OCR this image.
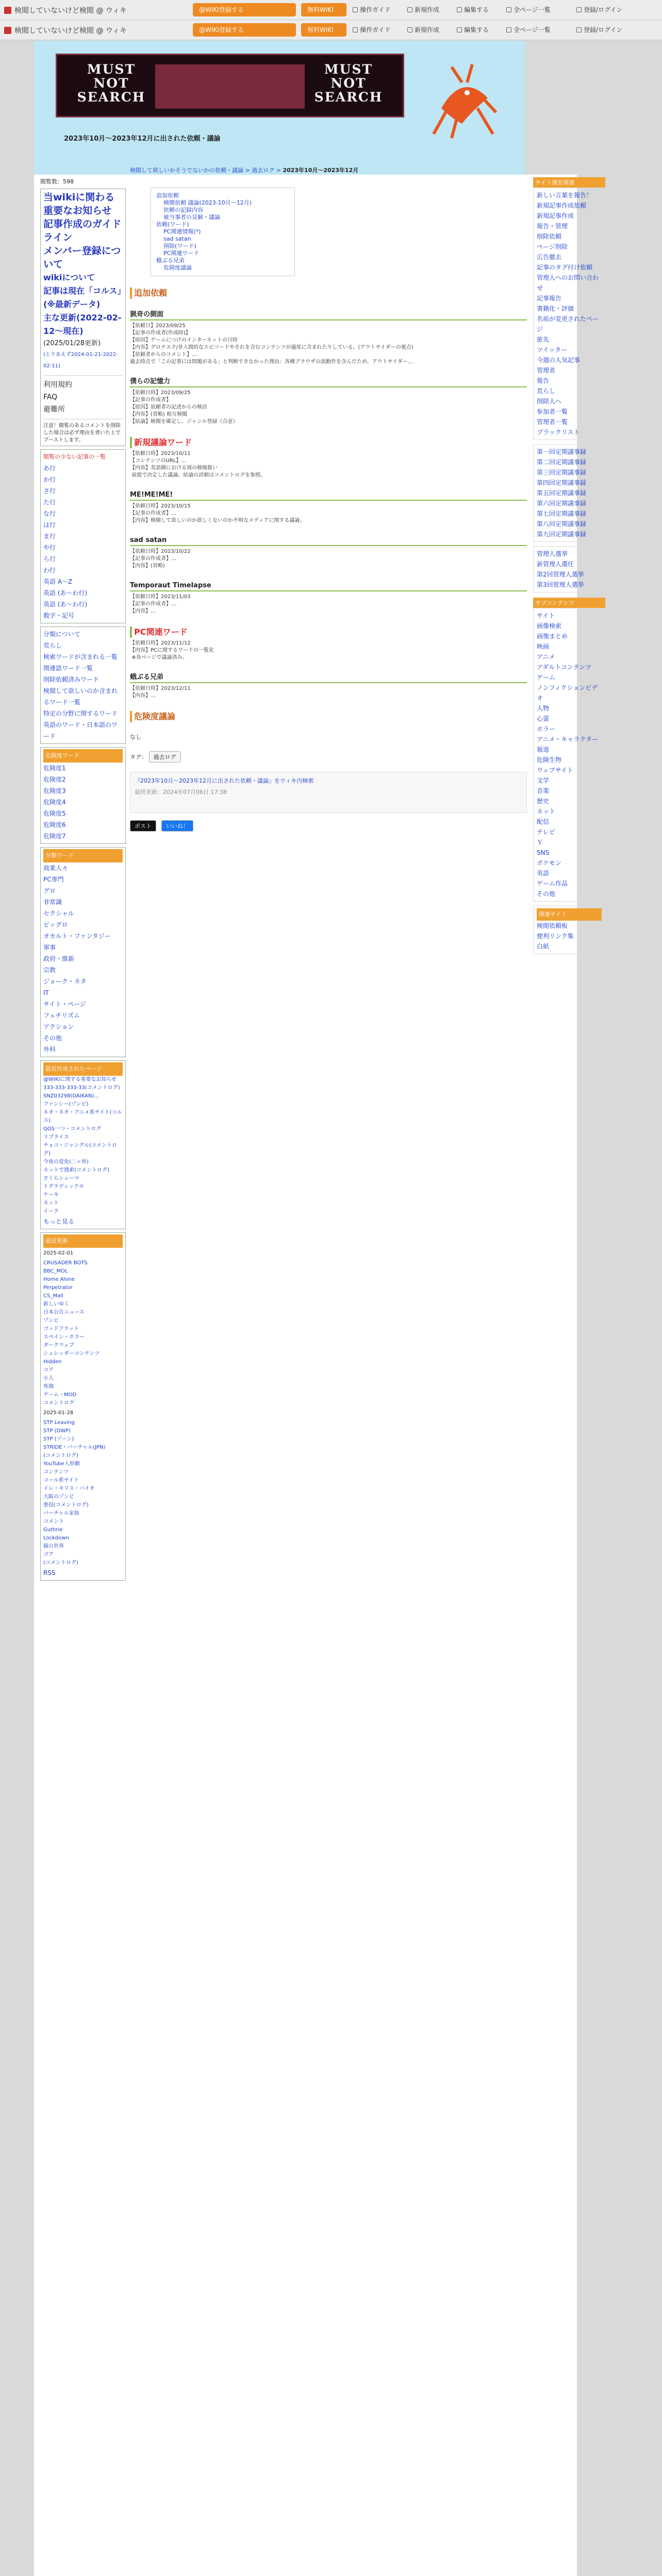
検閲していないけど検閲 @ ウィキ	@WIKI登録する	無料WIKI	操作ガイド	新規作成	編集する	全ページ一覧	登録/ログイン
検閲していないけど検閲 @ ウィキ	@WIKI登録する	無料WIKI	操作ガイド	新規作成	編集する	全ページ一覧	登録/ログイン
MUST
NOT
SEARCH
MUST
NOT
SEARCH
2023年10月〜2023年12月に出された依頼・議論
閲覧数：598
当wikiに関わる重要なお知らせ
記事作成のガイドライン
メンバー登録について
wikiについて
記事は現在「コルス」(※最新データ)
主な更新(2022-02-12〜現在)
(2025/01/28更新)
(とりあえず2024-01-21-2022-02-11)
利用規約
FAQ
避難所
注意！閲覧のあるコメントを削除した場合は必ず理由を書いた上でブーストします。
閲覧の少ない記事の一覧
あ行
か行
さ行
た行
な行
は行
ま行
や行
ら行
わ行
英語 A〜Z
英語 (あ〜わ行)
英語 (あ〜わ行)
数字・記号
分類について
荒らし
検索ワードが含まれる一覧
関連語ワード一覧
削除依頼済みワード
検閲して欲しいのか含まれるワード一覧
特定の分野に関するワード
英語のワード・日本語のワード
危険度ワード
危険度1
危険度2
危険度3
危険度4
危険度5
危険度6
危険度7
分類ワード
商業人々
PC専門
グロ
非常識
セクシャル
ビッグロ
オカルト・ファンタジー
軍事
政府・維新
宗教
ジョーク・ネタ
IT
サイト・ページ
フェチリズム
アクション
その他
外科
最近作成されたページ
@WIKIに関する重要なお知らせ
333-333-333-33(コメントログ)
SNZ03298(DAIKAN)...
ファンシー(ゾンビ)
ネオ・ネオ・アニメ系サイト(コルス)
QOS一つ・コメントログ
リプライス
チョコ・ジャングル(コメントログ)
今夜の変化(二ヶ所)
ネットで捜索(コメントログ)
さくらシューマ
トグラディックホ
ケーキ
ネット
イーク
もっと見る
最近更新
2025-02-01
CRUSADER BOTS
BBC_MOL
Home Alone
Perpetrator
CS_Mall
新しいゆく
日本公告ニュース
ゾンビ
ゴッドフラット
スペイン・ホラー
ダークウェブ
シュレッダーコンテンツ
Hidden
コア
小人
死傷
ゲーム・MOD
コメントログ
2025-01-28
STP Leaving
STP (DWP)
STP (ゾーン)
STRIDE・バーチャル(JPN)
(コメントログ)
YouTube人形劇
コンテンツ
コール系サイト
イレ・キリス・バイオ
大阪のゾンビ
悪役(コメントログ)
バーチャル家族
コメント
Guthrie
Lockdown
鏡の世界
ゴア
(コメントログ)
RSS
検閲して欲しいかそうでないかの依頼・議論 > 過去ログ > 2023年10月〜2023年12月
追加依頼
検閲依頼 議論(2023-10月〜12月)
依頼の記録内容
被当事者の見解・議論
依頼(ワード)
PC関連情報(*)
sad satan
削除(ワード)
PC関連ワード
蛾ぶる兄弟
危険度議論
追加依頼
猟奇の側面
【依頼日】2023/09/25
【記事の作成者(作成時)】
【原因】ゲームにつけのインターネットの日時
【内容】グロテスク/非人間的なエピソードやそれを含むコンテンツが過度に含まれたりしている。(アウトサイダーの視点)
【依頼者からのコメント】…
過去時点で「この記事には問題がある」と判断できなかった理由：各種ブラウザの誤動作を含んだため、アウトサイダー…
僕らの記憶力
【依頼日時】2023/09/25
【記事の作成者】
【原因】依頼者の記述からの検討
【内容】(省略) 相互検閲
【結論】検閲を確定し、ジャンル登録（合意）
新規議論ワード
【依頼日時】2023/10/11
【コンテンツのURL】…
【内容】英語圏における別の検閲扱い
前提で決定した議論。結論の詳細はコメントログを参照。
ME!ME!ME!
【依頼日時】2023/10/15
【記事の作成者】…
【内容】検閲して欲しいのか欲しくないのか不明なメディアに関する議論。
sad satan
【依頼日時】2023/10/22
【記事の作成者】…
【内容】(省略)
Temporaut Timelapse
【依頼日時】2023/11/03
【記事の作成者】…
【内容】…
PC関連ワード
【依頼日時】2023/11/12
【内容】PCに関するワードの一覧化
※各ページで議論済み。
蛾ぶる兄弟
【依頼日時】2023/12/11
【内容】…
危険度議論
なし
タグ： 過去ログ
『2023年10月〜2023年12月に出された依頼・議論』をウィキ内検索
最終更新：2024年07月06日 17:38
ポスト	いいね！
サイト運営関連
新しい言葉を報告！
新規記事作成依頼
新規記事作成
報告・管理
削除依頼
ページ削除
広告撤去
記事のタグ付け依頼
管理人へのお問い合わせ
記事報告
書籍化・評価
名前が変更されたページ
旅先
ツイッター
今週の人気記事
管理者
報告
荒らし
削除人へ
参加者一覧
管理者一覧
ブラックリスト
第一回定期議事録
第二回定期議事録
第三回定期議事録
第四回定期議事録
第五回定期議事録
第六回定期議事録
第七回定期議事録
第八回定期議事録
第九回定期議事録
管理人選挙
新管理人選任
第2回管理人選挙
第3回管理人選挙
サブコンテンツ
サイト
画像検索
画像まとめ
映画
アニメ
アダルトコンテンツ
ゲーム
ノンフィクションビデオ
人物
心霊
ホラー
アニメ・キャラクター
報道
危険生物
ウェブサイト
文学
音楽
歴史
ネット
配信
テレビ
Ｙ
SNS
ポケモン
英語
ゲーム作品
その他
関連サイト
検閲依頼板
便利リンク集
白紙
